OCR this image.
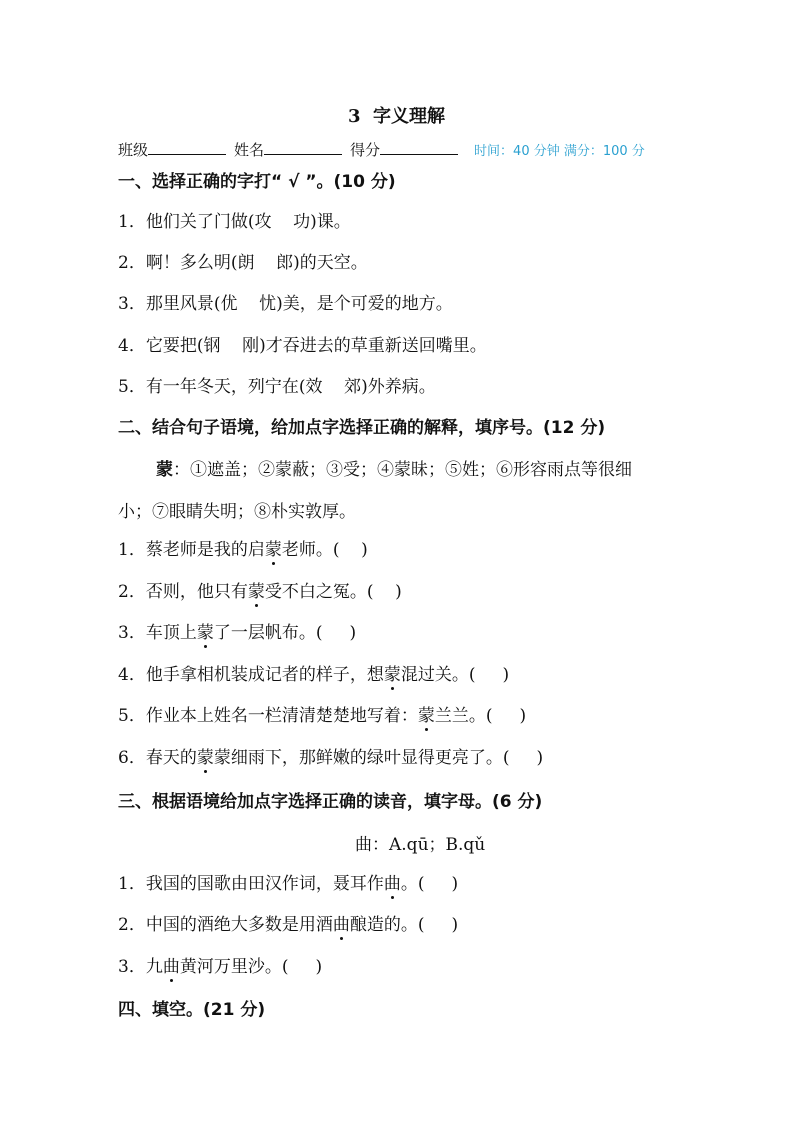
3  字义理解
班级	姓名	得分	时间：40 分钟 满分：100 分
一、选择正确的字打“ √ ”。(10 分)
1．他们关了门做(攻    功)课。
2．啊！多么明(朗    郎)的天空。
3．那里风景(优    忧)美，是个可爱的地方。
4．它要把(钢    刚)才吞进去的草重新送回嘴里。
5．有一年冬天，列宁在(效    郊)外养病。
二、结合句子语境，给加点字选择正确的解释，填序号。(12 分)
蒙：①遮盖；②蒙蔽；③受；④蒙昧；⑤姓；⑥形容雨点等很细
小；⑦眼睛失明；⑧朴实敦厚。
1．蔡老师是我的启蒙老师。(    )
2．否则，他只有蒙受不白之冤。(    )
3．车顶上蒙了一层帆布。(     )
4．他手拿相机装成记者的样子，想蒙混过关。(     )
5．作业本上姓名一栏清清楚楚地写着：蒙兰兰。(     )
6．春天的蒙蒙细雨下，那鲜嫩的绿叶显得更亮了。(     )
三、根据语境给加点字选择正确的读音，填字母。(6 分)
曲：A.qū；B.qǔ
1．我国的国歌由田汉作词，聂耳作曲。(     )
2．中国的酒绝大多数是用酒曲酿造的。(     )
3．九曲黄河万里沙。(     )
四、填空。(21 分)
